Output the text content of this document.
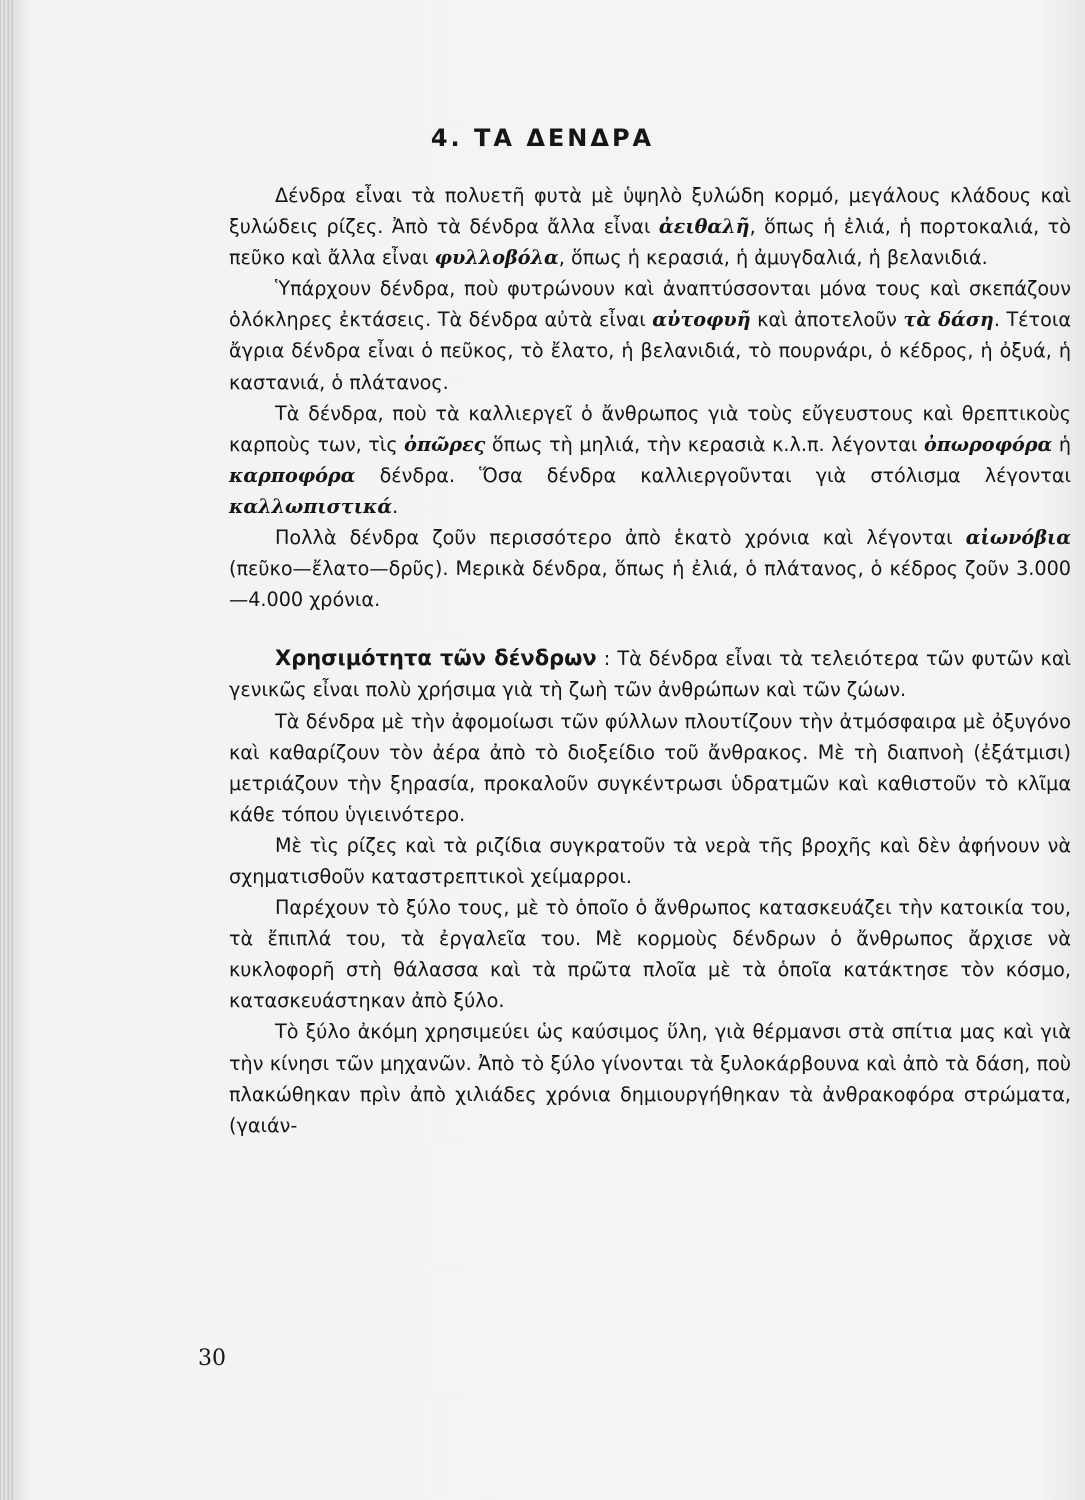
4. ΤΑ ΔΕΝΔΡΑ

Δένδρα εἶναι τὰ πολυετῆ φυτὰ μὲ ὑψηλὸ ξυλώδη κορμό, μεγάλους κλάδους καὶ ξυλώδεις ρίζες. Ἀπὸ τὰ δένδρα ἄλλα εἶναι ἀειθαλῆ, ὅπως ἡ ἐλιά, ἡ πορτοκαλιά, τὸ πεῦκο καὶ ἄλλα εἶναι φυλλοβόλα, ὅπως ἡ κερασιά, ἡ ἀμυγδαλιά, ἡ βελανιδιά.

Ὑπάρχουν δένδρα, ποὺ φυτρώνουν καὶ ἀναπτύσσονται μόνα τους καὶ σκεπάζουν ὁλόκληρες ἐκτάσεις. Τὰ δένδρα αὐτὰ εἶναι αὐτοφυῆ καὶ ἀποτελοῦν τὰ δάση. Τέτοια ἄγρια δένδρα εἶναι ὁ πεῦκος, τὸ ἔλατο, ἡ βελανιδιά, τὸ πουρνάρι, ὁ κέδρος, ἡ ὀξυά, ἡ καστανιά, ὁ πλάτανος.

Τὰ δένδρα, ποὺ τὰ καλλιεργεῖ ὁ ἄνθρωπος γιὰ τοὺς εὔγευστους καὶ θρεπτικοὺς καρποὺς των, τὶς ὀπῶρες ὅπως τὴ μηλιά, τὴν κερασιὰ κ.λ.π. λέγονται ὀπωροφόρα ἡ καρποφόρα δένδρα. Ὅσα δένδρα καλλιεργοῦνται γιὰ στόλισμα λέγονται καλλωπιστικά.

Πολλὰ δένδρα ζοῦν περισσότερο ἀπὸ ἑκατὸ χρόνια καὶ λέγονται αἰωνόβια (πεῦκο—ἔλατο—δρῦς). Μερικὰ δένδρα, ὅπως ἡ ἐλιά, ὁ πλάτανος, ὁ κέδρος ζοῦν 3.000—4.000 χρόνια.

Χρησιμότητα τῶν δένδρων : Τὰ δένδρα εἶναι τὰ τελειότερα τῶν φυτῶν καὶ γενικῶς εἶναι πολὺ χρήσιμα γιὰ τὴ ζωὴ τῶν ἀνθρώπων καὶ τῶν ζώων.

Τὰ δένδρα μὲ τὴν ἀφομοίωσι τῶν φύλλων πλουτίζουν τὴν ἀτμόσφαιρα μὲ ὀξυγόνο καὶ καθαρίζουν τὸν ἀέρα ἀπὸ τὸ διοξείδιο τοῦ ἄνθρακος. Μὲ τὴ διαπνοὴ (ἐξάτμισι) μετριάζουν τὴν ξηρασία, προκαλοῦν συγκέντρωσι ὑδρατμῶν καὶ καθιστοῦν τὸ κλῖμα κάθε τόπου ὑγιεινότερο.

Μὲ τὶς ρίζες καὶ τὰ ριζίδια συγκρατοῦν τὰ νερὰ τῆς βροχῆς καὶ δὲν ἀφήνουν νὰ σχηματισθοῦν καταστρεπτικοὶ χείμαρροι.

Παρέχουν τὸ ξύλο τους, μὲ τὸ ὁποῖο ὁ ἄνθρωπος κατασκευάζει τὴν κατοικία του, τὰ ἔπιπλά του, τὰ ἐργαλεῖα του. Μὲ κορμοὺς δένδρων ὁ ἄνθρωπος ἄρχισε νὰ κυκλοφορῆ στὴ θάλασσα καὶ τὰ πρῶτα πλοῖα μὲ τὰ ὁποῖα κατάκτησε τὸν κόσμο, κατασκευάστηκαν ἀπὸ ξύλο.

Τὸ ξύλο ἀκόμη χρησιμεύει ὡς καύσιμος ὕλη, γιὰ θέρμανσι στὰ σπίτια μας καὶ γιὰ τὴν κίνησι τῶν μηχανῶν. Ἀπὸ τὸ ξύλο γίνονται τὰ ξυλοκάρβουνα καὶ ἀπὸ τὰ δάση, ποὺ πλακώθηκαν πρὶν ἀπὸ χιλιάδες χρόνια δημιουργήθηκαν τὰ ἀνθρακοφόρα στρώματα, (γαιάν-

30
